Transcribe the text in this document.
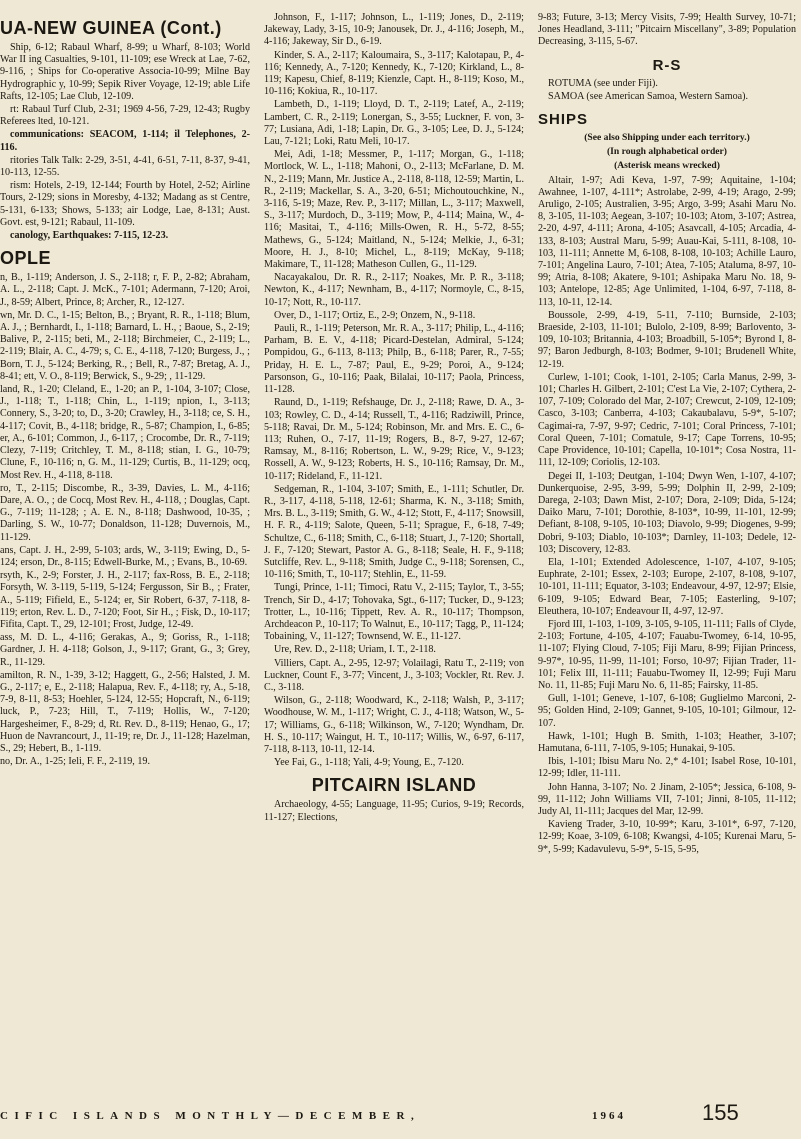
UA-NEW GUINEA (Cont.)

Ship, 6-12; Rabaul Wharf, 8-99; u Wharf, 8-103; World War II ing Casualties, 9-101, 11-109; ese Wreck at Lae, 7-62, 9-116, ; Ships for Co-operative Associa-10-99; Milne Bay Hydrographic y, 10-99; Sepik River Voyage, 12-19; able Life Rafts, 12-105; Lae Club, 12-109.

rt: Rabaul Turf Club, 2-31; 1969 4-56, 7-29, 12-43; Rugby Referees lted, 10-121.

communications: SEACOM, 1-114; il Telephones, 2-116.

ritories Talk Talk: 2-29, 3-51, 4-41, 6-51, 7-11, 8-37, 9-41, 10-113, 12-55.

rism: Hotels, 2-19, 12-144; Fourth by Hotel, 2-52; Airline Tours, 2-129; sions in Moresby, 4-132; Madang as st Centre, 5-131, 6-133; Shows, 5-133; air Lodge, Lae, 8-131; Aust. Govt. est, 9-121; Rabaul, 11-109.

canology, Earthquakes: 7-115, 12-23.

OPLE

n, B., 1-119; Anderson, J. S., 2-118; r, F. P., 2-82; Abraham, A. L., 2-118; Capt. J. McK., 7-101; Adermann, 7-120; Aroi, J., 8-59; Albert, Prince, 8; Archer, R., 12-127.

wn, Mr. D. C., 1-15; Belton, B., ; Bryant, R. R., 1-118; Blum, A. J., ; Bernhardt, I., 1-118; Barnard, L. H., ; Baoue, S., 2-19; Balive, P., 2-115; beti, M., 2-118; Birchmeier, C., 2-119; L., 2-119; Blair, A. C., 4-79; s, C. E., 4-118, 7-120; Burgess, J., ; Born, T. J., 5-124; Berking, R., ; Bell, R., 7-87; Bretag, A. J., 8-41; ett, V. O., 8-119; Berwick, S., 9-29; , 11-129.

land, R., 1-20; Cleland, E., 1-20; an P., 1-104, 3-107; Close, J., 1-118; T., 1-118; Chin, L., 1-119; npion, I., 3-113; Connery, S., 3-20; to, D., 3-20; Crawley, H., 3-118; ce, S. H., 4-117; Covit, B., 4-118; bridge, R., 5-87; Champion, I., 6-85; er, A., 6-101; Common, J., 6-117, ; Crocombe, Dr. R., 7-119; Clezy, 7-119; Critchley, T. M., 8-118; stian, I. G., 10-79; Clune, F., 10-116; n, G. M., 11-129; Curtis, B., 11-129; ocq, Most Rev. H., 4-118, 8-118.

ro, T., 2-115; Discombe, R., 3-39, Davies, L. M., 4-116; Dare, A. O., ; de Cocq, Most Rev. H., 4-118, ; Douglas, Capt. G., 7-119; 11-128; ; A. E. N., 8-118; Dashwood, 10-35, ; Darling, S. W., 10-77; Donaldson, 11-128; Duvernois, M., 11-129.

ans, Capt. J. H., 2-99, 5-103; ards, W., 3-119; Ewing, D., 5-124; erson, Dr., 8-115; Edwell-Burke, M., ; Evans, B., 10-69.

rsyth, K., 2-9; Forster, J. H., 2-117; fax-Ross, B. E., 2-118; Forsyth, W. 3-119, 5-119, 5-124; Fergusson, Sir B., ; Frater, A., 5-119; Fifield, E., 5-124; er, Sir Robert, 6-37, 7-118, 8-119; erton, Rev. L. D., 7-120; Foot, Sir H., ; Fisk, D., 10-117; Fifita, Capt. T., 29, 12-101; Frost, Judge, 12-49.

ass, M. D. L., 4-116; Gerakas, A., 9; Goriss, R., 1-118; Gardner, J. H. 4-118; Golson, J., 9-117; Grant, G., 3; Grey, R., 11-129.

amilton, R. N., 1-39, 3-12; Haggett, G., 2-56; Halsted, J. M. G., 2-117; e, E., 2-118; Halapua, Rev. F., 4-118; ry, A., 5-18, 7-9, 8-11, 8-53; Hoehler, 5-124, 12-55; Hopcraft, N., 6-119; luck, P., 7-23; Hill, T., 7-119; Hollis, W., 7-120; Hargesheimer, F., 8-29; d, Rt. Rev. D., 8-119; Henao, G., 17; Huon de Navrancourt, J., 11-19; re, Dr. J., 11-128; Hazelman, S., 29; Hebert, B., 1-119.

no, Dr. A., 1-25; Ieli, F. F., 2-119, 19.

Johnson, F., 1-117; Johnson, L., 1-119; Jones, D., 2-119; Jakeway, Lady, 3-15, 10-9; Janousek, Dr. J., 4-116; Joseph, M., 4-116; Jakeway, Sir D., 6-19.

Kinder, S. A., 2-117; Kaloumaira, S., 3-117; Kalotapau, P., 4-116; Kennedy, A., 7-120; Kennedy, K., 7-120; Kirkland, L., 8-119; Kapesu, Chief, 8-119; Kienzle, Capt. H., 8-119; Koso, M., 10-116; Kokiua, R., 10-117.

Lambeth, D., 1-119; Lloyd, D. T., 2-119; Latef, A., 2-119; Lambert, C. R., 2-119; Lonergan, S., 3-55; Luckner, F. von, 3-77; Lusiana, Adi, 1-18; Lapin, Dr. G., 3-105; Lee, D. J., 5-124; Lau, 7-121; Loki, Ratu Meli, 10-17.

Mei, Adi, 1-18; Messmer, P., 1-117; Morgan, G., 1-118; Mortlock, W. L., 1-118; Mahoni, O., 2-113; McFarlane, D. M. N., 2-119; Mann, Mr. Justice A., 2-118, 8-118, 12-59; Martin, L. R., 2-119; Mackellar, S. A., 3-20, 6-51; Michoutouchkine, N., 3-116, 5-19; Maze, Rev. P., 3-117; Millan, L., 3-117; Maxwell, S., 3-117; Murdoch, D., 3-119; Mow, P., 4-114; Maina, W., 4-116; Masitai, T., 4-116; Mills-Owen, R. H., 5-72, 8-55; Mathews, G., 5-124; Maitland, N., 5-124; Melkie, J., 6-31; Moore, H. J., 8-10; Michel, L., 8-119; McKay, 9-118; Makimare, T., 11-128; Matheson Cullen, G., 11-129.

Nacayakalou, Dr. R. R., 2-117; Noakes, Mr. P. R., 3-118; Newton, K., 4-117; Newnham, B., 4-117; Normoyle, C., 8-15, 10-17; Nott, R., 10-117.

Over, D., 1-117; Ortiz, E., 2-9; Onzem, N., 9-118.

Pauli, R., 1-119; Peterson, Mr. R. A., 3-117; Philip, L., 4-116; Parham, B. E. V., 4-118; Picard-Destelan, Admiral, 5-124; Pompidou, G., 6-113, 8-113; Philp, B., 6-118; Parer, R., 7-55; Priday, H. E. L., 7-87; Paul, E., 9-29; Poroi, A., 9-124; Parsonson, G., 10-116; Paak, Bilalai, 10-117; Paola, Princess, 11-128.

Raund, D., 1-119; Refshauge, Dr. J., 2-118; Rawe, D. A., 3-103; Rowley, C. D., 4-14; Russell, T., 4-116; Radziwill, Prince, 5-118; Ravai, Dr. M., 5-124; Robinson, Mr. and Mrs. E. C., 6-113; Ruhen, O., 7-17, 11-19; Rogers, B., 8-7, 9-27, 12-67; Ramsay, M., 8-116; Robertson, L. W., 9-29; Rice, V., 9-123; Rossell, A. W., 9-123; Roberts, H. S., 10-116; Ramsay, Dr. M., 10-117; Rideland, F., 11-121.

Sedgeman, R., 1-104, 3-107; Smith, E., 1-111; Schutler, Dr. R., 3-117, 4-118, 5-118, 12-61; Sharma, K. N., 3-118; Smith, Mrs. B. L., 3-119; Smith, G. W., 4-12; Stott, F., 4-117; Snowsill, H. F. R., 4-119; Salote, Queen, 5-11; Sprague, F., 6-18, 7-49; Schultze, C., 6-118; Smith, C., 6-118; Stuart, J., 7-120; Shortall, J. F., 7-120; Stewart, Pastor A. G., 8-118; Seale, H. F., 9-118; Sutcliffe, Rev. L., 9-118; Smith, Judge C., 9-118; Sorensen, C., 10-116; Smith, T., 10-117; Stehlin, E., 11-59.

Tungi, Prince, 1-11; Timoci, Ratu V., 2-115; Taylor, T., 3-55; Trench, Sir D., 4-17; Tohovaka, Sgt., 6-117; Tucker, D., 9-123; Trotter, L., 10-116; Tippett, Rev. A. R., 10-117; Thompson, Archdeacon P., 10-117; To Walnut, E., 10-117; Tagg, P., 11-124; Tobaining, V., 11-127; Townsend, W. E., 11-127.

Ure, Rev. D., 2-118; Uriam, I. T., 2-118.

Villiers, Capt. A., 2-95, 12-97; Volailagi, Ratu T., 2-119; von Luckner, Count F., 3-77; Vincent, J., 3-103; Vockler, Rt. Rev. J. C., 3-118.

Wilson, G., 2-118; Woodward, K., 2-118; Walsh, P., 3-117; Woodhouse, W. M., 1-117; Wright, C. J., 4-118; Watson, W., 5-17; Williams, G., 6-118; Wilkinson, W., 7-120; Wyndham, Dr. H. S., 10-117; Waingut, H. T., 10-117; Willis, W., 6-97, 6-117, 7-118, 8-113, 10-11, 12-14.

Yee Fai, G., 1-118; Yali, 4-9; Young, E., 7-120.

PITCAIRN ISLAND

Archaeology, 4-55; Language, 11-95; Curios, 9-19; Records, 11-127; Elections,

9-83; Future, 3-13; Mercy Visits, 7-99; Health Survey, 10-71; Jones Headland, 3-111; "Pitcairn Miscellany", 3-89; Population Decreasing, 3-115, 5-67.

R-S

ROTUMA (see under Fiji).

SAMOA (see American Samoa, Western Samoa).

SHIPS

(See also Shipping under each territory.)

(In rough alphabetical order)

(Asterisk means wrecked)

Altair, 1-97; Adi Keva, 1-97, 7-99; Aquitaine, 1-104; Awahnee, 1-107, 4-111*; Astrolabe, 2-99, 4-19; Arago, 2-99; Aruligo, 2-105; Australien, 3-95; Argo, 3-99; Asahi Maru No. 8, 3-105, 11-103; Aegean, 3-107; 10-103; Atom, 3-107; Astrea, 2-20, 4-97, 4-111; Arona, 4-105; Asavcall, 4-105; Arcadia, 4-133, 8-103; Austral Maru, 5-99; Auau-Kai, 5-111, 8-108, 10-103, 11-111; Annette M, 6-108, 8-108, 10-103; Achille Lauro, 7-101; Angelina Lauro, 7-101; Atea, 7-105; Ataluma, 8-97, 10-99; Atria, 8-108; Akatere, 9-101; Ashipaka Maru No. 18, 9-103; Antelope, 12-85; Age Unlimited, 1-104, 6-97, 7-118, 8-113, 10-11, 12-14.

Boussole, 2-99, 4-19, 5-11, 7-110; Burnside, 2-103; Braeside, 2-103, 11-101; Bulolo, 2-109, 8-99; Barlovento, 3-109, 10-103; Britannia, 4-103; Broadbill, 5-105*; Byrond I, 8-97; Baron Jedburgh, 8-103; Bodmer, 9-101; Brudenell White, 12-19.

Curlew, 1-101; Cook, 1-101, 2-105; Carla Manus, 2-99, 3-101; Charles H. Gilbert, 2-101; C'est La Vie, 2-107; Cythera, 2-107, 7-109; Colorado del Mar, 2-107; Crewcut, 2-109, 12-109; Casco, 3-103; Canberra, 4-103; Cakaubalavu, 5-9*, 5-107; Cagimai-ra, 7-97, 9-97; Cedric, 7-101; Coral Princess, 7-101; Coral Queen, 7-101; Comatule, 9-17; Cape Torrens, 10-95; Cape Providence, 10-101; Capella, 10-101*; Cosa Nostra, 11-111, 12-109; Coriolis, 12-103.

Degei II, 1-103; Deutgan, 1-104; Dwyn Wen, 1-107, 4-107; Dunkerquoise, 2-95, 3-99, 5-99; Dolphin II, 2-99, 2-109; Darega, 2-103; Dawn Mist, 2-107; Dora, 2-109; Dida, 5-124; Daiko Maru, 7-101; Dorothie, 8-103*, 10-99, 11-101, 12-99; Defiant, 8-108, 9-105, 10-103; Diavolo, 9-99; Diogenes, 9-99; Dobri, 9-103; Diablo, 10-103*; Darnley, 11-103; Dedele, 12-103; Discovery, 12-83.

Ela, 1-101; Extended Adolescence, 1-107, 4-107, 9-105; Euphrate, 2-101; Essex, 2-103; Europe, 2-107, 8-108, 9-107, 10-101, 11-111; Equator, 3-103; Endeavour, 4-97, 12-97; Elsie, 6-109, 9-105; Edward Bear, 7-105; Easterling, 9-107; Eleuthera, 10-107; Endeavour II, 4-97, 12-97.

Fjord III, 1-103, 1-109, 3-105, 9-105, 11-111; Falls of Clyde, 2-103; Fortune, 4-105, 4-107; Fauabu-Twomey, 6-14, 10-95, 11-107; Flying Cloud, 7-105; Fiji Maru, 8-99; Fijian Princess, 9-97*, 10-95, 11-99, 11-101; Forso, 10-97; Fijian Trader, 11-101; Felix III, 11-111; Fauabu-Twomey II, 12-99; Fuji Maru No. 11, 11-85; Fuji Maru No. 6, 11-85; Fairsky, 11-85.

Gull, 1-101; Geneve, 1-107, 6-108; Guglielmo Marconi, 2-95; Golden Hind, 2-109; Gannet, 9-105, 10-101; Gilmour, 12-107.

Hawk, 1-101; Hugh B. Smith, 1-103; Heather, 3-107; Hamutana, 6-111, 7-105, 9-105; Hunakai, 9-105.

Ibis, 1-101; Ibisu Maru No. 2,* 4-101; Isabel Rose, 10-101, 12-99; Idler, 11-111.

John Hanna, 3-107; No. 2 Jinam, 2-105*; Jessica, 6-108, 9-99, 11-112; John Williams VII, 7-101; Jinni, 8-105, 11-112; Judy Al, 11-111; Jacques del Mar, 12-99.

Kavieng Trader, 3-10, 10-99*; Karu, 3-101*, 6-97, 7-120, 12-99; Koae, 3-109, 6-108; Kwangsi, 4-105; Kurenai Maru, 5-9*, 5-99; Kadavulevu, 5-9*, 5-15, 5-95,

CIFIC ISLANDS MONTHLY—DECEMBER,	1964	155
